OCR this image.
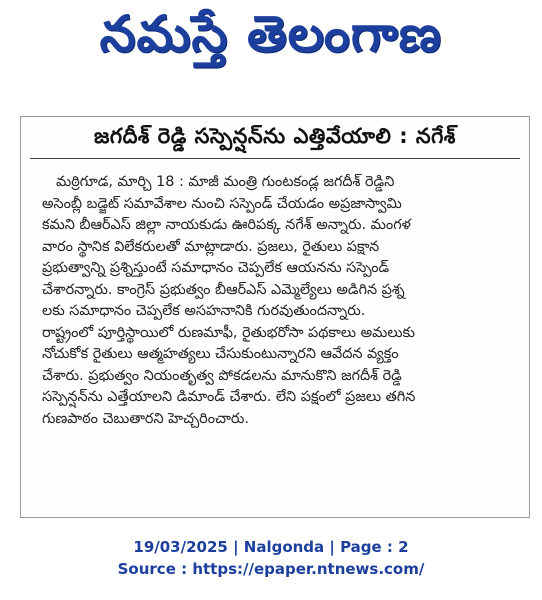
నమస్తే తెలంగాణ
జగదీశ్ రెడ్డి సస్పెన్షన్‌ను ఎత్తివేయాలి : నగేశ్
మఠ్రిగూడ, మార్చి 18 : మాజీ మంత్రి గుంటకండ్ల జగదీశ్ రెడ్డిని
అసెంబ్లీ బడ్జెట్ సమావేశాల నుంచి సస్పెండ్ చేయడం అప్రజాస్వామి
కమని బీఆర్ఎస్ జిల్లా నాయకుడు ఊరిపక్క నగేశ్ అన్నారు. మంగళ
వారం స్థానిక విలేకరులతో మాట్లాడారు. ప్రజలు, రైతులు పక్షాన
ప్రభుత్వాన్ని ప్రశ్నిస్తుంటే సమాధానం చెప్పలేక ఆయనను సస్పెండ్
చేశారన్నారు. కాంగ్రెస్ ప్రభుత్వం బీఆర్ఎస్ ఎమ్మెల్యేలు అడిగిన ప్రశ్న
లకు సమాధానం చెప్పలేక అసహనానికి గురవుతుందన్నారు.
రాష్ట్రంలో పూర్తిస్థాయిలో రుణమాఫీ, రైతుభరోసా పథకాలు అమలుకు
నోచుకోక రైతులు ఆత్మహత్యలు చేసుకుంటున్నారని ఆవేదన వ్యక్తం
చేశారు. ప్రభుత్వం నియంతృత్వ పోకడలను మానుకొని జగదీశ్ రెడ్డి
సస్పెన్షన్‌ను ఎత్తేయాలని డిమాండ్ చేశారు. లేని పక్షంలో ప్రజలు తగిన
గుణపాఠం చెబుతారని హెచ్చరించారు.
19/03/2025 | Nalgonda | Page : 2
Source : https://epaper.ntnews.com/
